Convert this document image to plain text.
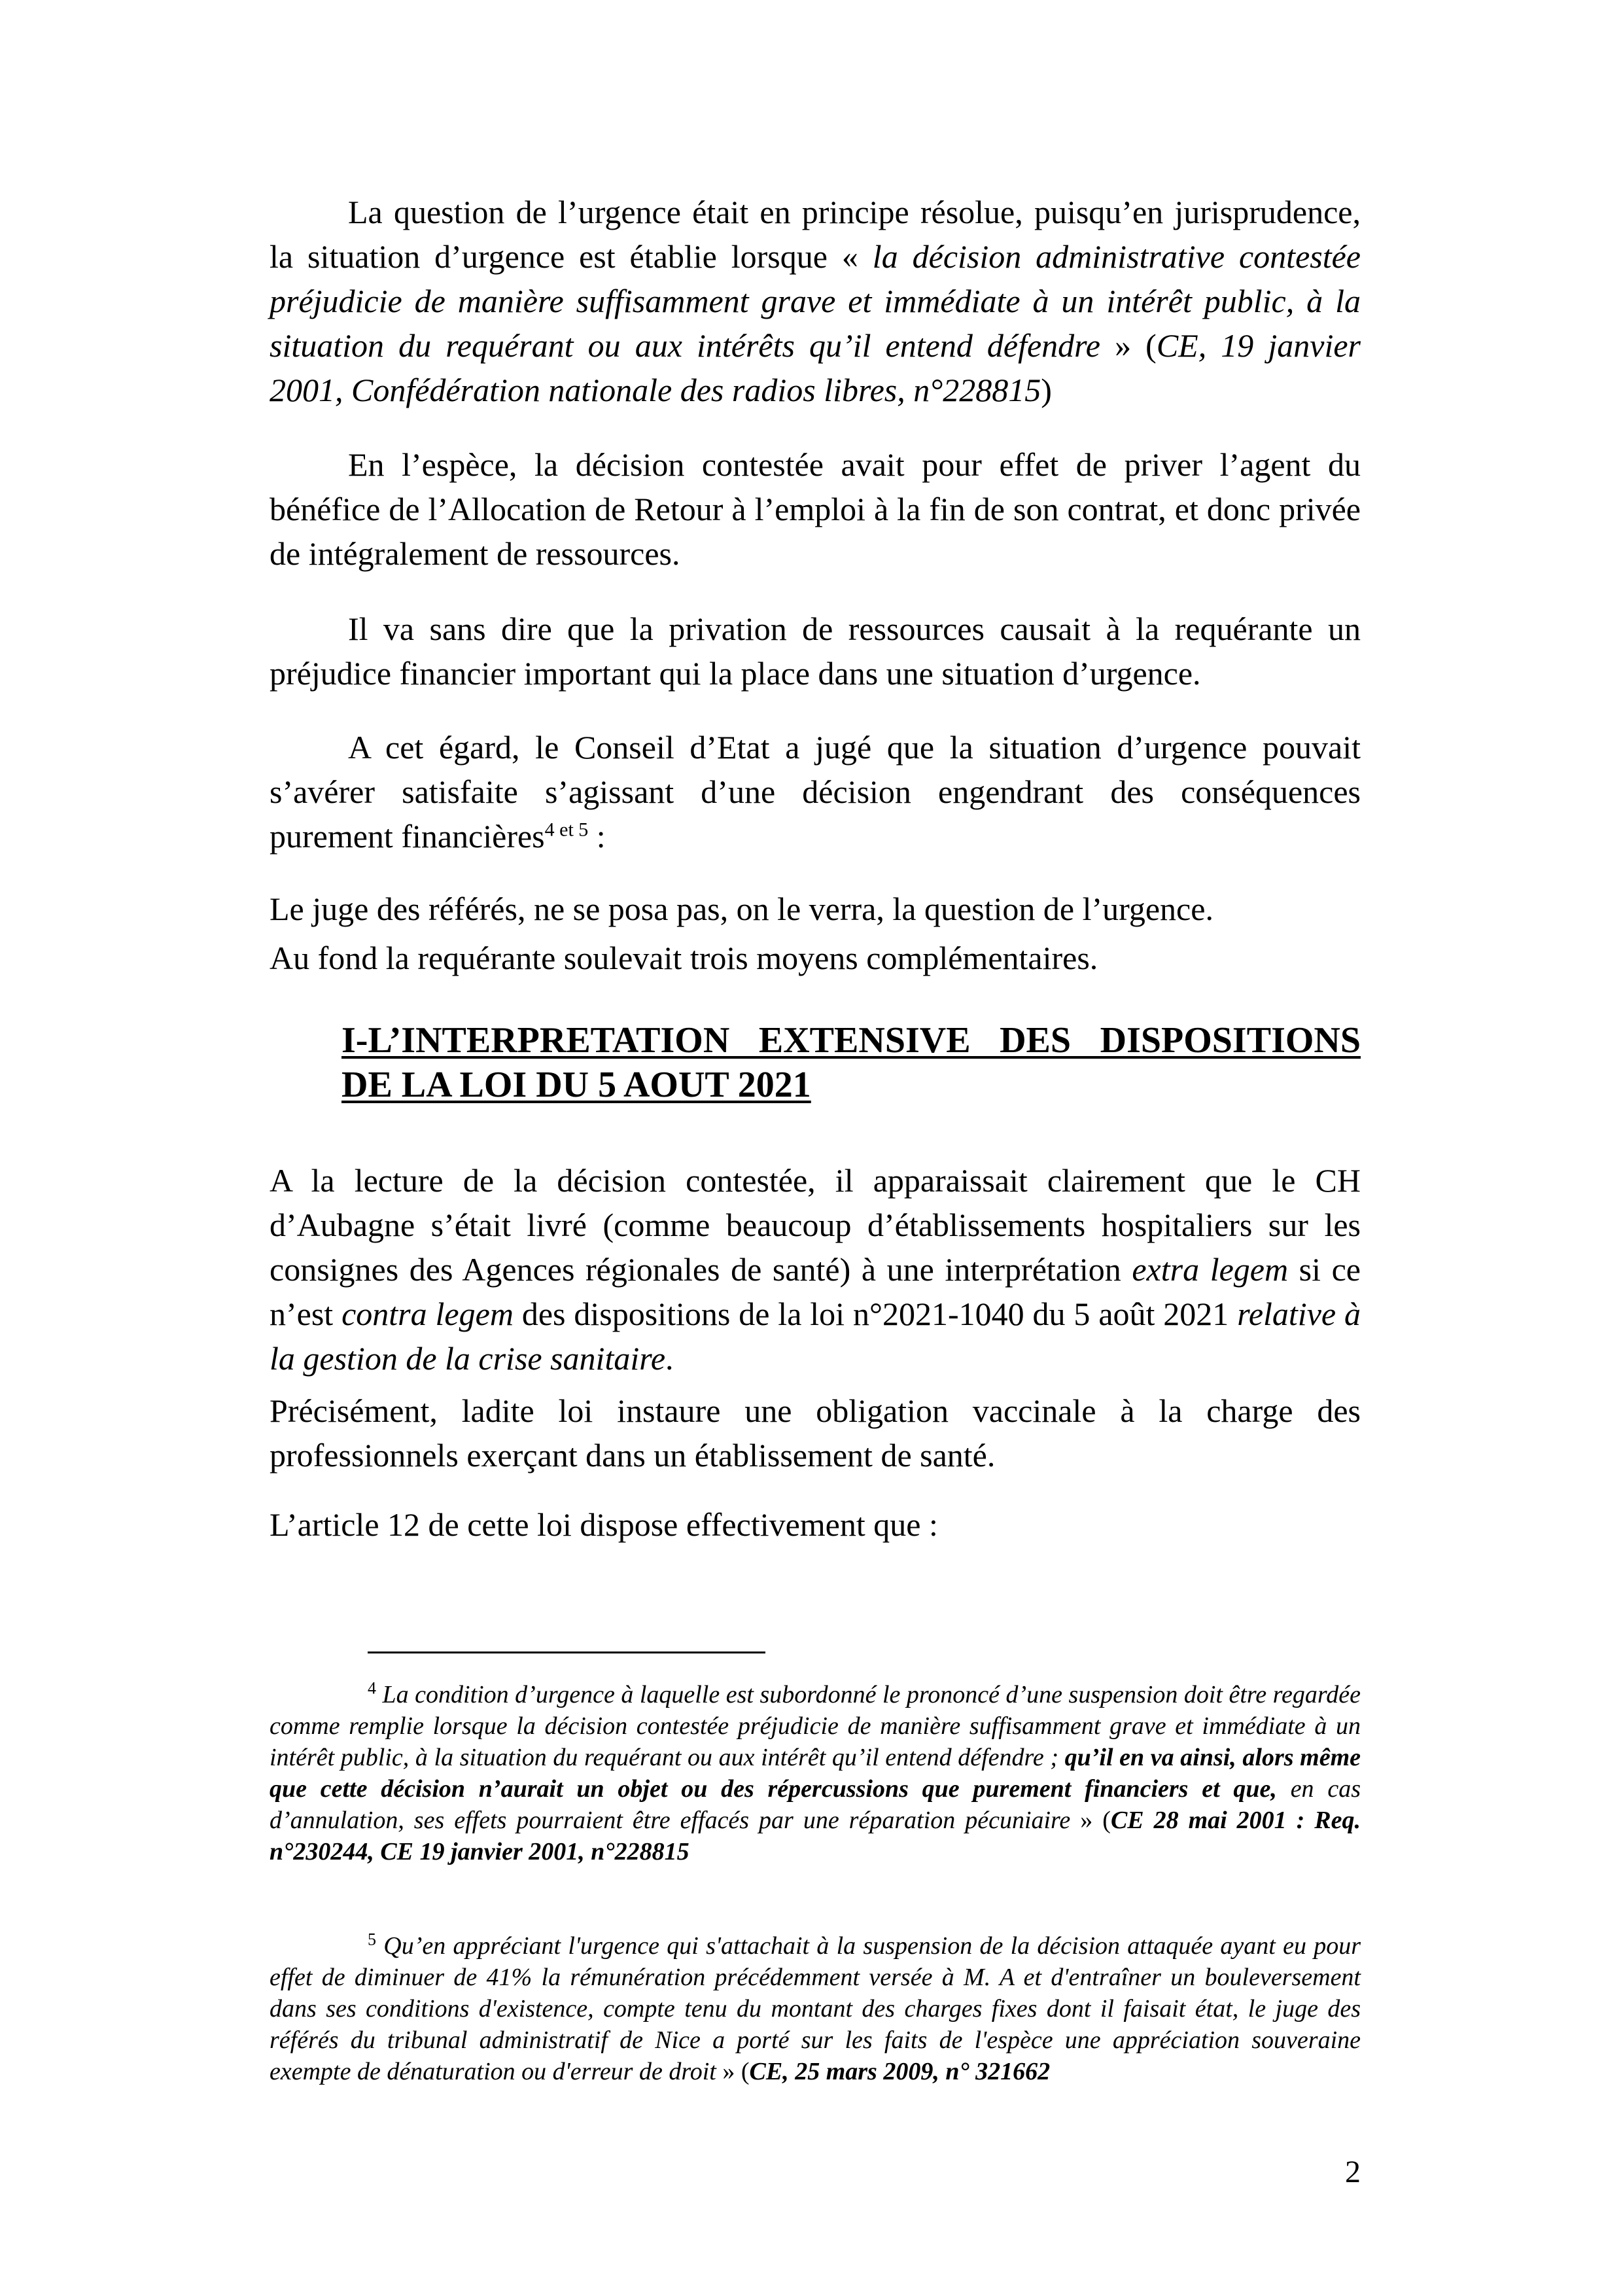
La question de l’urgence était en principe résolue, puisqu’en jurisprudence, la situation d’urgence est établie lorsque « la décision administrative contestée préjudicie de manière suffisamment grave et immédiate à un intérêt public, à la situation du requérant ou aux intérêts qu’il entend défendre » (CE, 19 janvier 2001, Confédération nationale des radios libres, n°228815)

En l’espèce, la décision contestée avait pour effet de priver l’agent du bénéfice de l’Allocation de Retour à l’emploi à la fin de son contrat, et donc privée de intégralement de ressources.

Il va sans dire que la privation de ressources causait à la requérante un préjudice financier important qui la place dans une situation d’urgence.

A cet égard, le Conseil d’Etat a jugé que la situation d’urgence pouvait s’avérer satisfaite s’agissant d’une décision engendrant des conséquences purement financières$^{4 et 5}$ :

Le juge des référés, ne se posa pas, on le verra, la question de l’urgence.

Au fond la requérante soulevait trois moyens complémentaires.

I-L’INTERPRETATION EXTENSIVE DES DISPOSITIONS DE LA LOI DU 5 AOUT 2021

A la lecture de la décision contestée, il apparaissait clairement que le CH d’Aubagne s’était livré (comme beaucoup d’établissements hospitaliers sur les consignes des Agences régionales de santé) à une interprétation extra legem si ce n’est contra legem des dispositions de la loi n°2021-1040 du 5 août 2021 relative à la gestion de la crise sanitaire.

Précisément, ladite loi instaure une obligation vaccinale à la charge des professionnels exerçant dans un établissement de santé.

L’article 12 de cette loi dispose effectivement que :

$^4$ La condition d’urgence à laquelle est subordonné le prononcé d’une suspension doit être regardée comme remplie lorsque la décision contestée préjudicie de manière suffisamment grave et immédiate à un intérêt public, à la situation du requérant ou aux intérêt qu’il entend défendre ; qu’il en va ainsi, alors même que cette décision n’aurait un objet ou des répercussions que purement financiers et que, en cas d’annulation, ses effets pourraient être effacés par une réparation pécuniaire » (CE 28 mai 2001 : Req. n°230244, CE 19 janvier 2001, n°228815

$^5$ Qu’en appréciant l'urgence qui s'attachait à la suspension de la décision attaquée ayant eu pour effet de diminuer de 41% la rémunération précédemment versée à M. A et d'entraîner un bouleversement dans ses conditions d'existence, compte tenu du montant des charges fixes dont il faisait état, le juge des référés du tribunal administratif de Nice a porté sur les faits de l'espèce une appréciation souveraine exempte de dénaturation ou d'erreur de droit » (CE, 25 mars 2009, n° 321662

2
